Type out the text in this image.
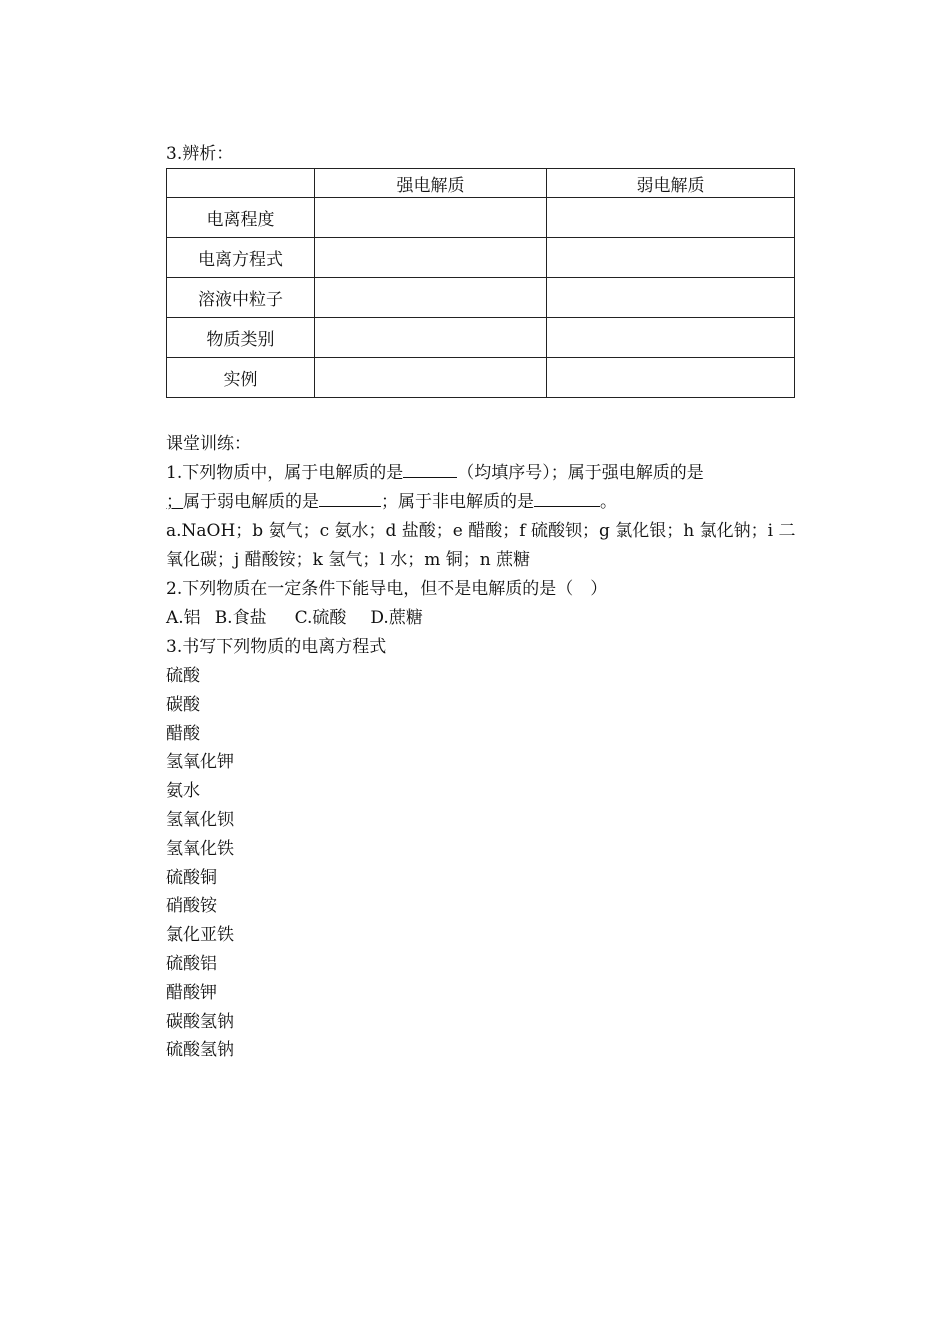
3.辨析：
	强电解质	弱电解质
电离程度		
电离方程式		
溶液中粒子		
物质类别		
实例		
课堂训练：
1.下列物质中，属于电解质的是	（均填序号）；属于强电解质的是
；属于弱电解质的是	；属于非电解质的是	。
a.NaOH；b 氨气；c 氨水；d 盐酸；e 醋酸；f 硫酸钡；g 氯化银；h 氯化钠；i 二
氧化碳；j 醋酸铵；k 氢气；l 水；m 铜；n 蔗糖
2.下列物质在一定条件下能导电，但不是电解质的是（　）
A.铝 B.食盐 C.硫酸 D.蔗糖
3.书写下列物质的电离方程式
硫酸
碳酸
醋酸
氢氧化钾
氨水
氢氧化钡
氢氧化铁
硫酸铜
硝酸铵
氯化亚铁
硫酸铝
醋酸钾
碳酸氢钠
硫酸氢钠
